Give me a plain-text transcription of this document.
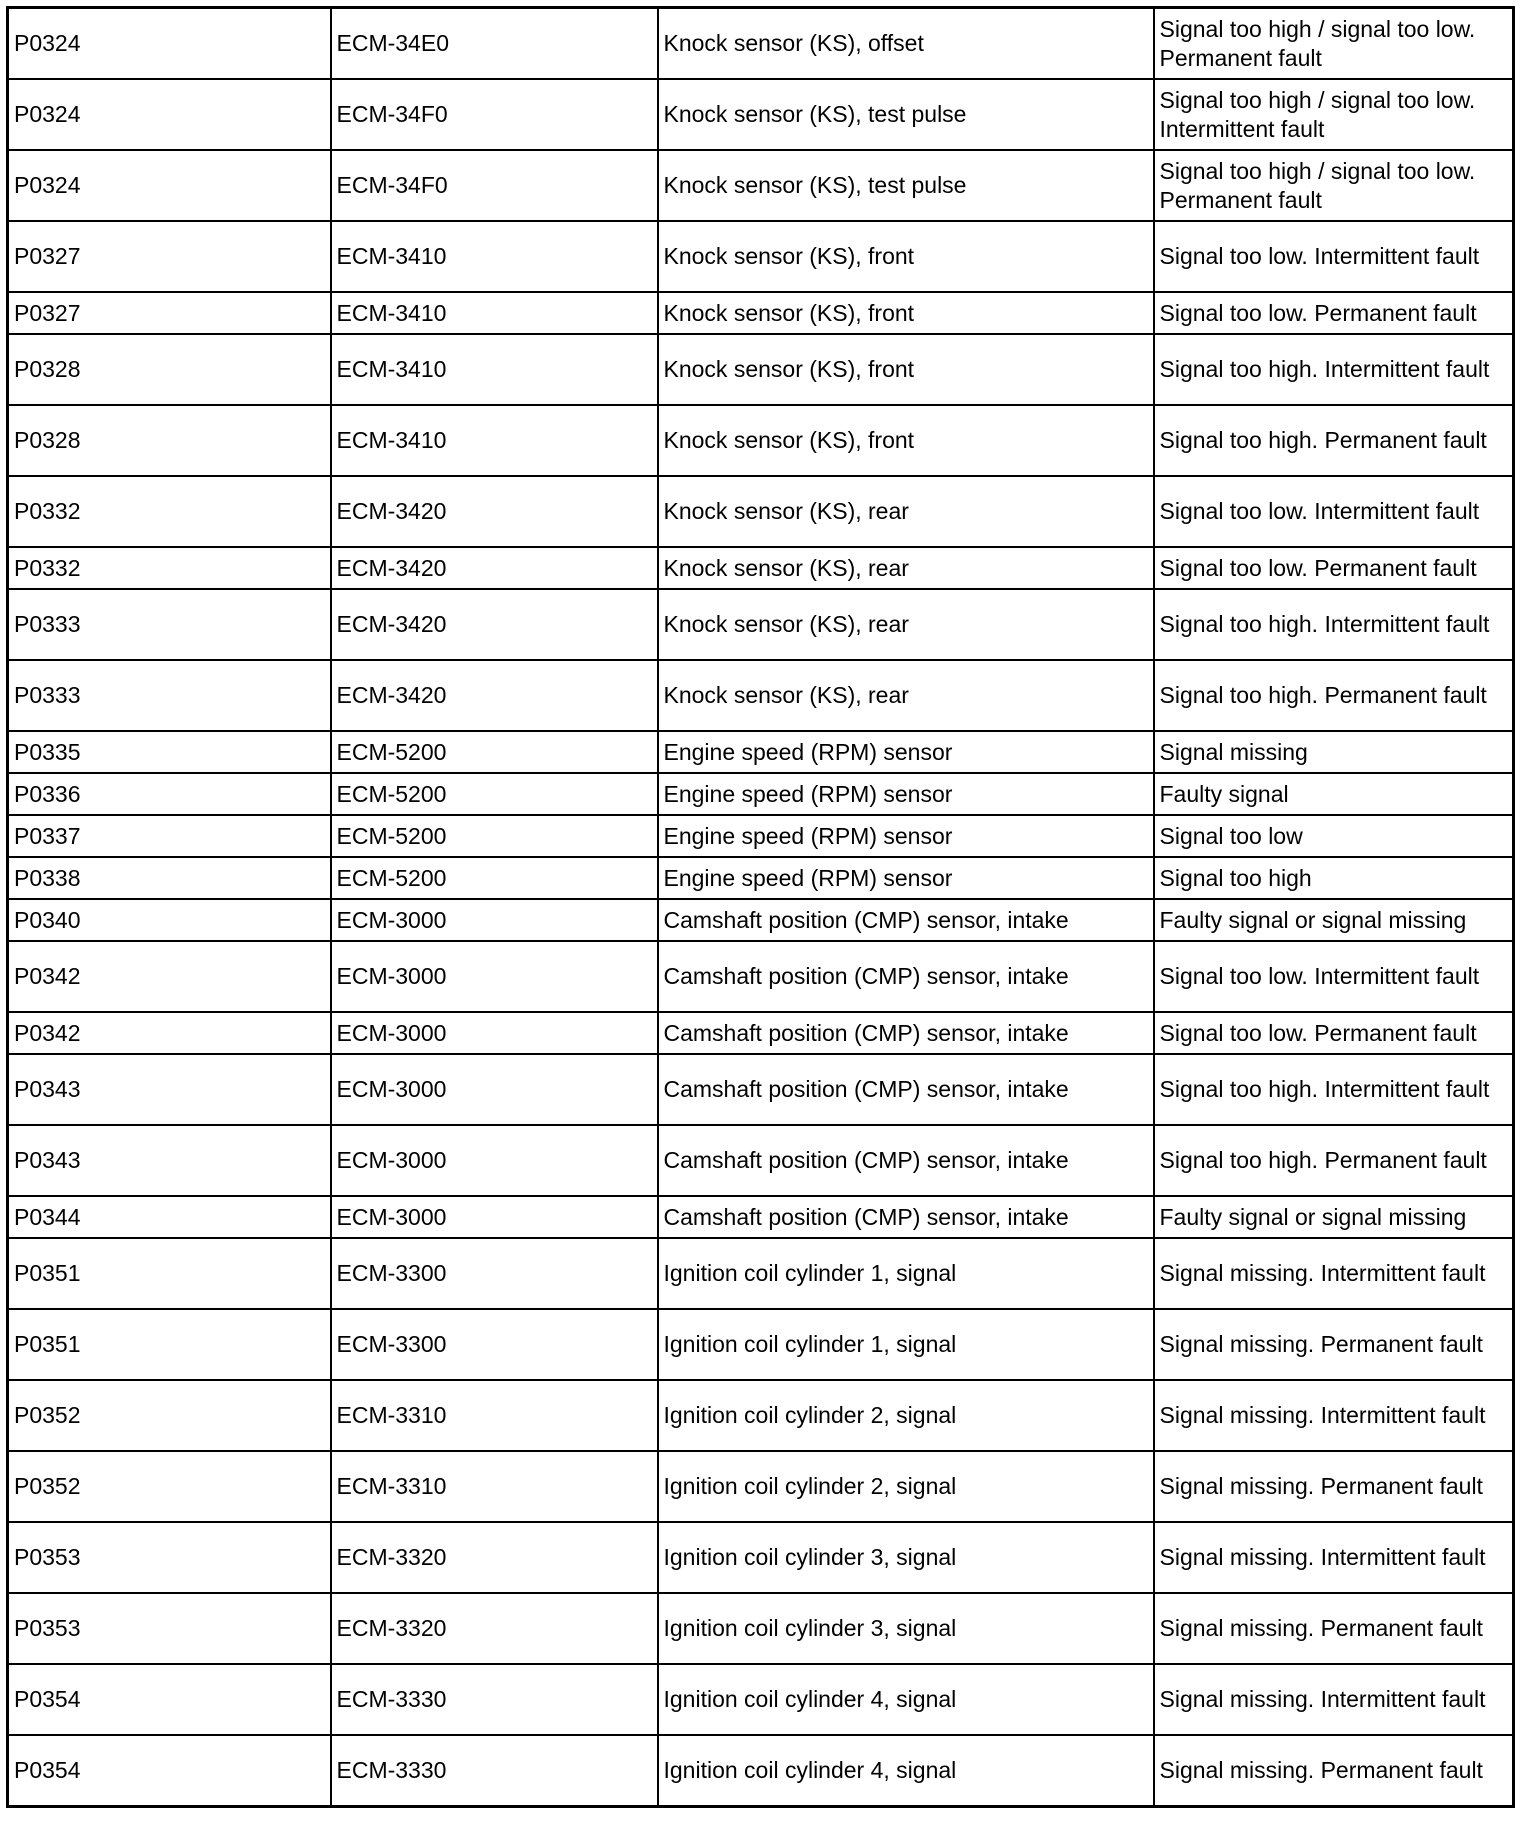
P0324	ECM-34E0	Knock sensor (KS), offset	Signal too high / signal too low. Permanent fault
P0324	ECM-34F0	Knock sensor (KS), test pulse	Signal too high / signal too low. Intermittent fault
P0324	ECM-34F0	Knock sensor (KS), test pulse	Signal too high / signal too low. Permanent fault
P0327	ECM-3410	Knock sensor (KS), front	Signal too low. Intermittent fault
P0327	ECM-3410	Knock sensor (KS), front	Signal too low. Permanent fault
P0328	ECM-3410	Knock sensor (KS), front	Signal too high. Intermittent fault
P0328	ECM-3410	Knock sensor (KS), front	Signal too high. Permanent fault
P0332	ECM-3420	Knock sensor (KS), rear	Signal too low. Intermittent fault
P0332	ECM-3420	Knock sensor (KS), rear	Signal too low. Permanent fault
P0333	ECM-3420	Knock sensor (KS), rear	Signal too high. Intermittent fault
P0333	ECM-3420	Knock sensor (KS), rear	Signal too high. Permanent fault
P0335	ECM-5200	Engine speed (RPM) sensor	Signal missing
P0336	ECM-5200	Engine speed (RPM) sensor	Faulty signal
P0337	ECM-5200	Engine speed (RPM) sensor	Signal too low
P0338	ECM-5200	Engine speed (RPM) sensor	Signal too high
P0340	ECM-3000	Camshaft position (CMP) sensor, intake	Faulty signal or signal missing
P0342	ECM-3000	Camshaft position (CMP) sensor, intake	Signal too low. Intermittent fault
P0342	ECM-3000	Camshaft position (CMP) sensor, intake	Signal too low. Permanent fault
P0343	ECM-3000	Camshaft position (CMP) sensor, intake	Signal too high. Intermittent fault
P0343	ECM-3000	Camshaft position (CMP) sensor, intake	Signal too high. Permanent fault
P0344	ECM-3000	Camshaft position (CMP) sensor, intake	Faulty signal or signal missing
P0351	ECM-3300	Ignition coil cylinder 1, signal	Signal missing. Intermittent fault
P0351	ECM-3300	Ignition coil cylinder 1, signal	Signal missing. Permanent fault
P0352	ECM-3310	Ignition coil cylinder 2, signal	Signal missing. Intermittent fault
P0352	ECM-3310	Ignition coil cylinder 2, signal	Signal missing. Permanent fault
P0353	ECM-3320	Ignition coil cylinder 3, signal	Signal missing. Intermittent fault
P0353	ECM-3320	Ignition coil cylinder 3, signal	Signal missing. Permanent fault
P0354	ECM-3330	Ignition coil cylinder 4, signal	Signal missing. Intermittent fault
P0354	ECM-3330	Ignition coil cylinder 4, signal	Signal missing. Permanent fault
